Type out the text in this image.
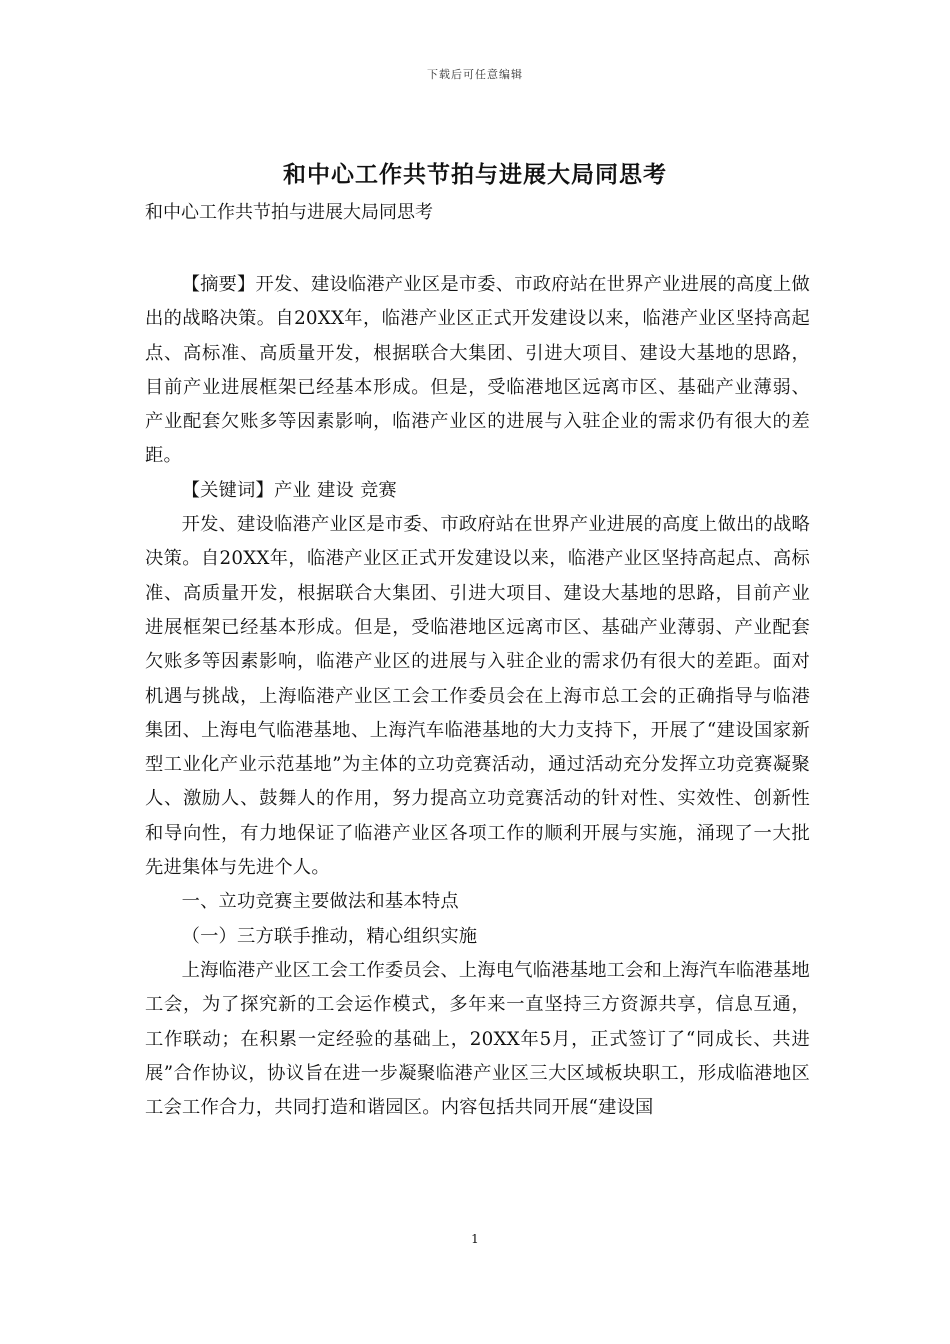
下载后可任意编辑
和中心工作共节拍与进展大局同思考
和中心工作共节拍与进展大局同思考

【摘要】开发、建设临港产业区是市委、市政府站在世界产业进展的高度上做出的战略决策。自20XX年，临港产业区正式开发建设以来，临港产业区坚持高起点、高标准、高质量开发，根据联合大集团、引进大项目、建设大基地的思路，目前产业进展框架已经基本形成。但是，受临港地区远离市区、基础产业薄弱、产业配套欠账多等因素影响，临港产业区的进展与入驻企业的需求仍有很大的差距。

【关键词】产业 建设 竞赛

开发、建设临港产业区是市委、市政府站在世界产业进展的高度上做出的战略决策。自20XX年，临港产业区正式开发建设以来，临港产业区坚持高起点、高标准、高质量开发，根据联合大集团、引进大项目、建设大基地的思路，目前产业进展框架已经基本形成。但是，受临港地区远离市区、基础产业薄弱、产业配套欠账多等因素影响，临港产业区的进展与入驻企业的需求仍有很大的差距。面对机遇与挑战，上海临港产业区工会工作委员会在上海市总工会的正确指导与临港集团、上海电气临港基地、上海汽车临港基地的大力支持下，开展了“建设国家新型工业化产业示范基地”为主体的立功竞赛活动，通过活动充分发挥立功竞赛凝聚人、激励人、鼓舞人的作用，努力提高立功竞赛活动的针对性、实效性、创新性和导向性，有力地保证了临港产业区各项工作的顺利开展与实施，涌现了一大批先进集体与先进个人。

一、立功竞赛主要做法和基本特点

（一）三方联手推动，精心组织实施

上海临港产业区工会工作委员会、上海电气临港基地工会和上海汽车临港基地工会，为了探究新的工会运作模式，多年来一直坚持三方资源共享，信息互通，工作联动；在积累一定经验的基础上，20XX年5月，正式签订了“同成长、共进展”合作协议，协议旨在进一步凝聚临港产业区三大区域板块职工，形成临港地区工会工作合力，共同打造和谐园区。内容包括共同开展“建设国

1
